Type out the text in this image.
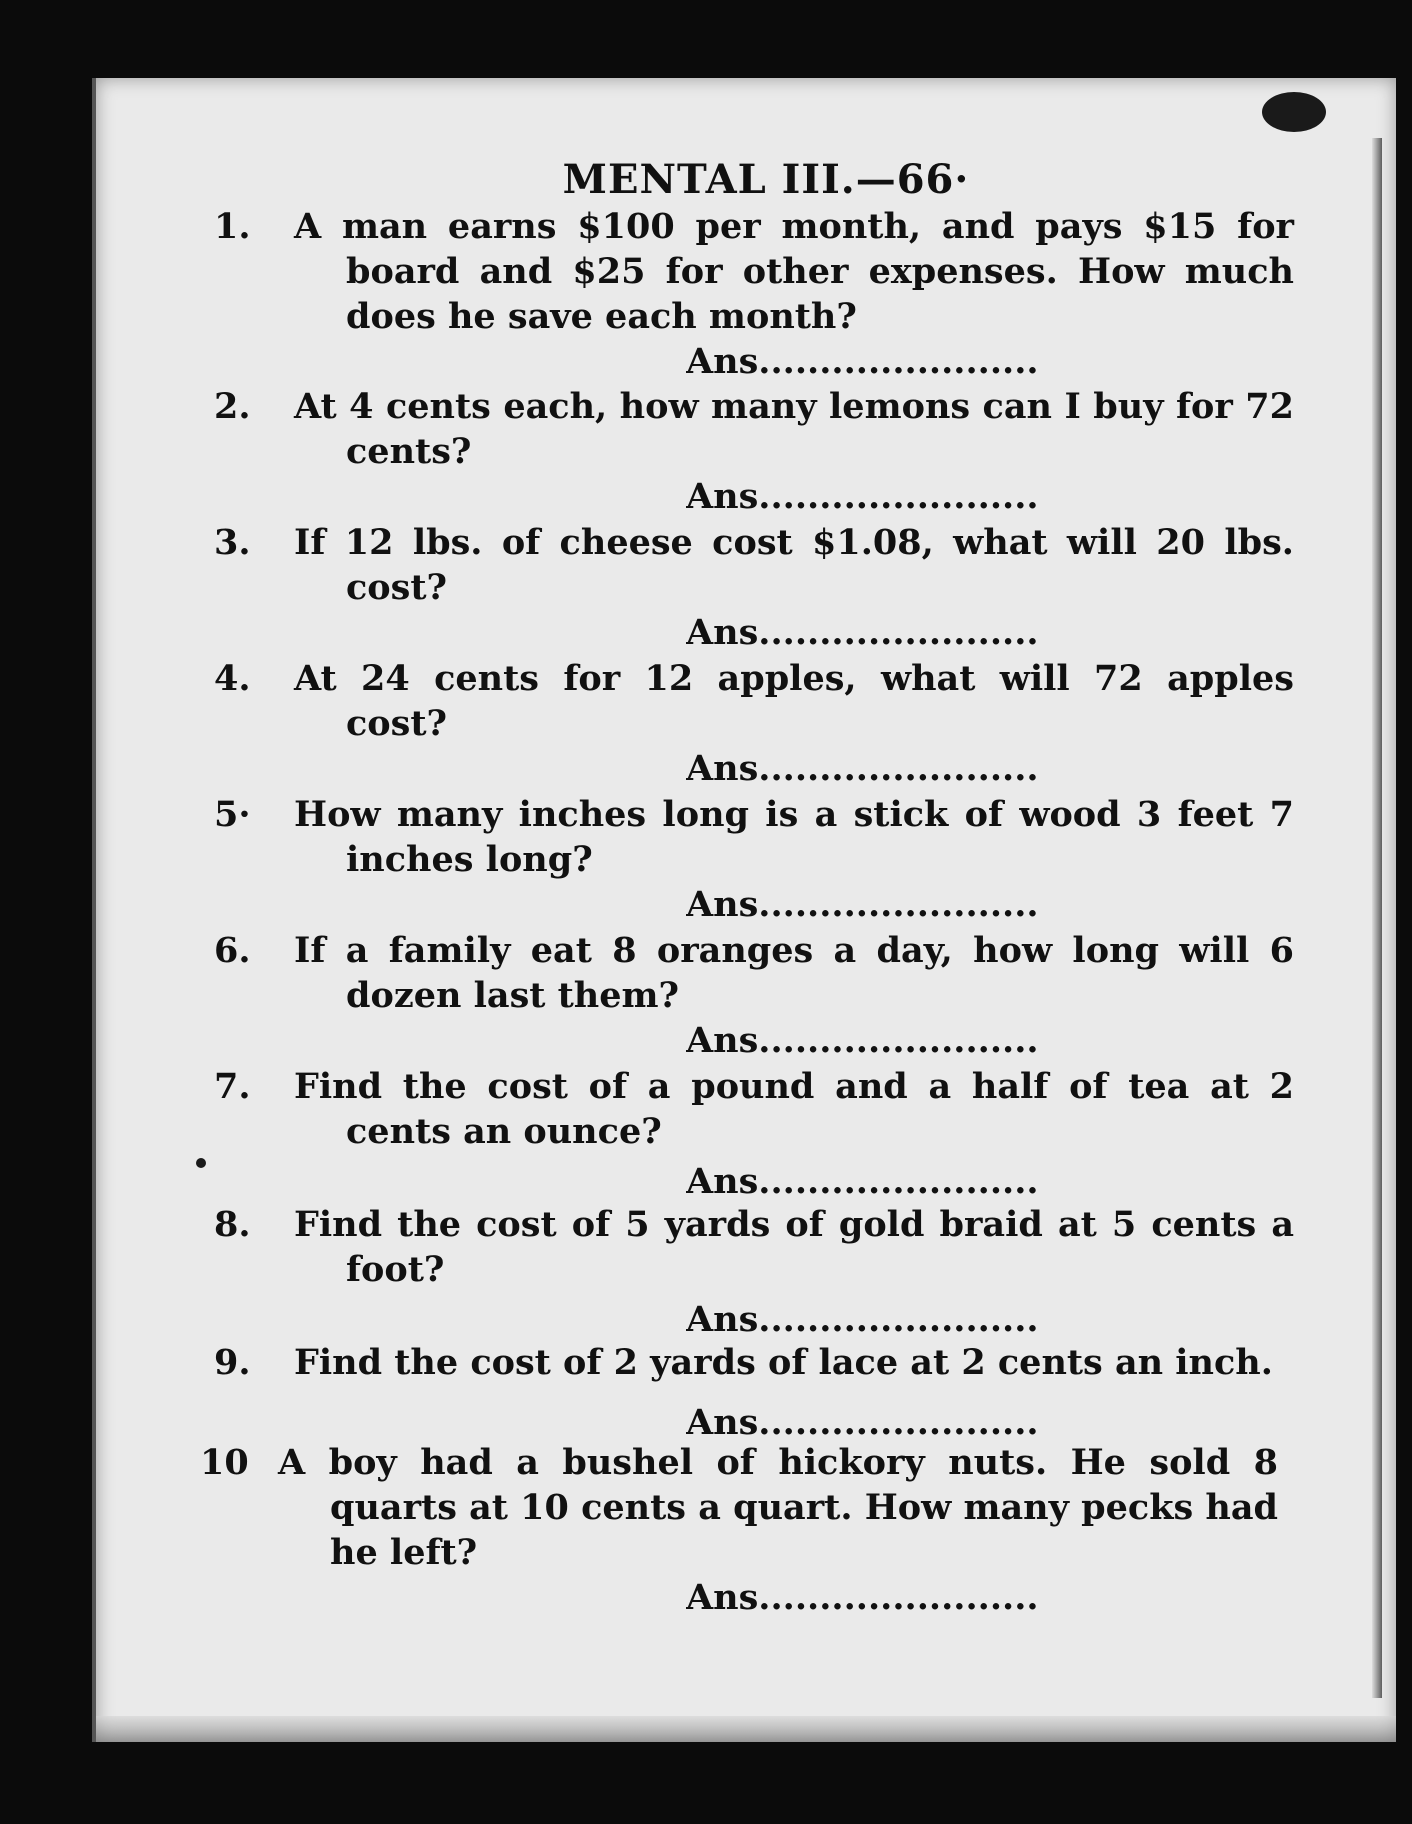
MENTAL III.—66·
1.	A man earns $100 per month, and pays $15 for board and $25 for other expenses. How much does he save each month?
Ans.......................
2.	At 4 cents each, how many lemons can I buy for 72 cents?
Ans.......................
3.	If 12 lbs. of cheese cost $1.08, what will 20 lbs. cost?
Ans.......................
4.	At 24 cents for 12 apples, what will 72 apples cost?
Ans.......................
5·	How many inches long is a stick of wood 3 feet 7 inches long?
Ans.......................
6.	If a family eat 8 oranges a day, how long will 6 dozen last them?
Ans.......................
7.	Find the cost of a pound and a half of tea at 2 cents an ounce?
Ans.......................
8.	Find the cost of 5 yards of gold braid at 5 cents a foot?
Ans.......................
9.	Find the cost of 2 yards of lace at 2 cents an inch.
Ans.......................
10 A boy had a bushel of hickory nuts. He sold 8 quarts at 10 cents a quart. How many pecks had he left?
Ans.......................
